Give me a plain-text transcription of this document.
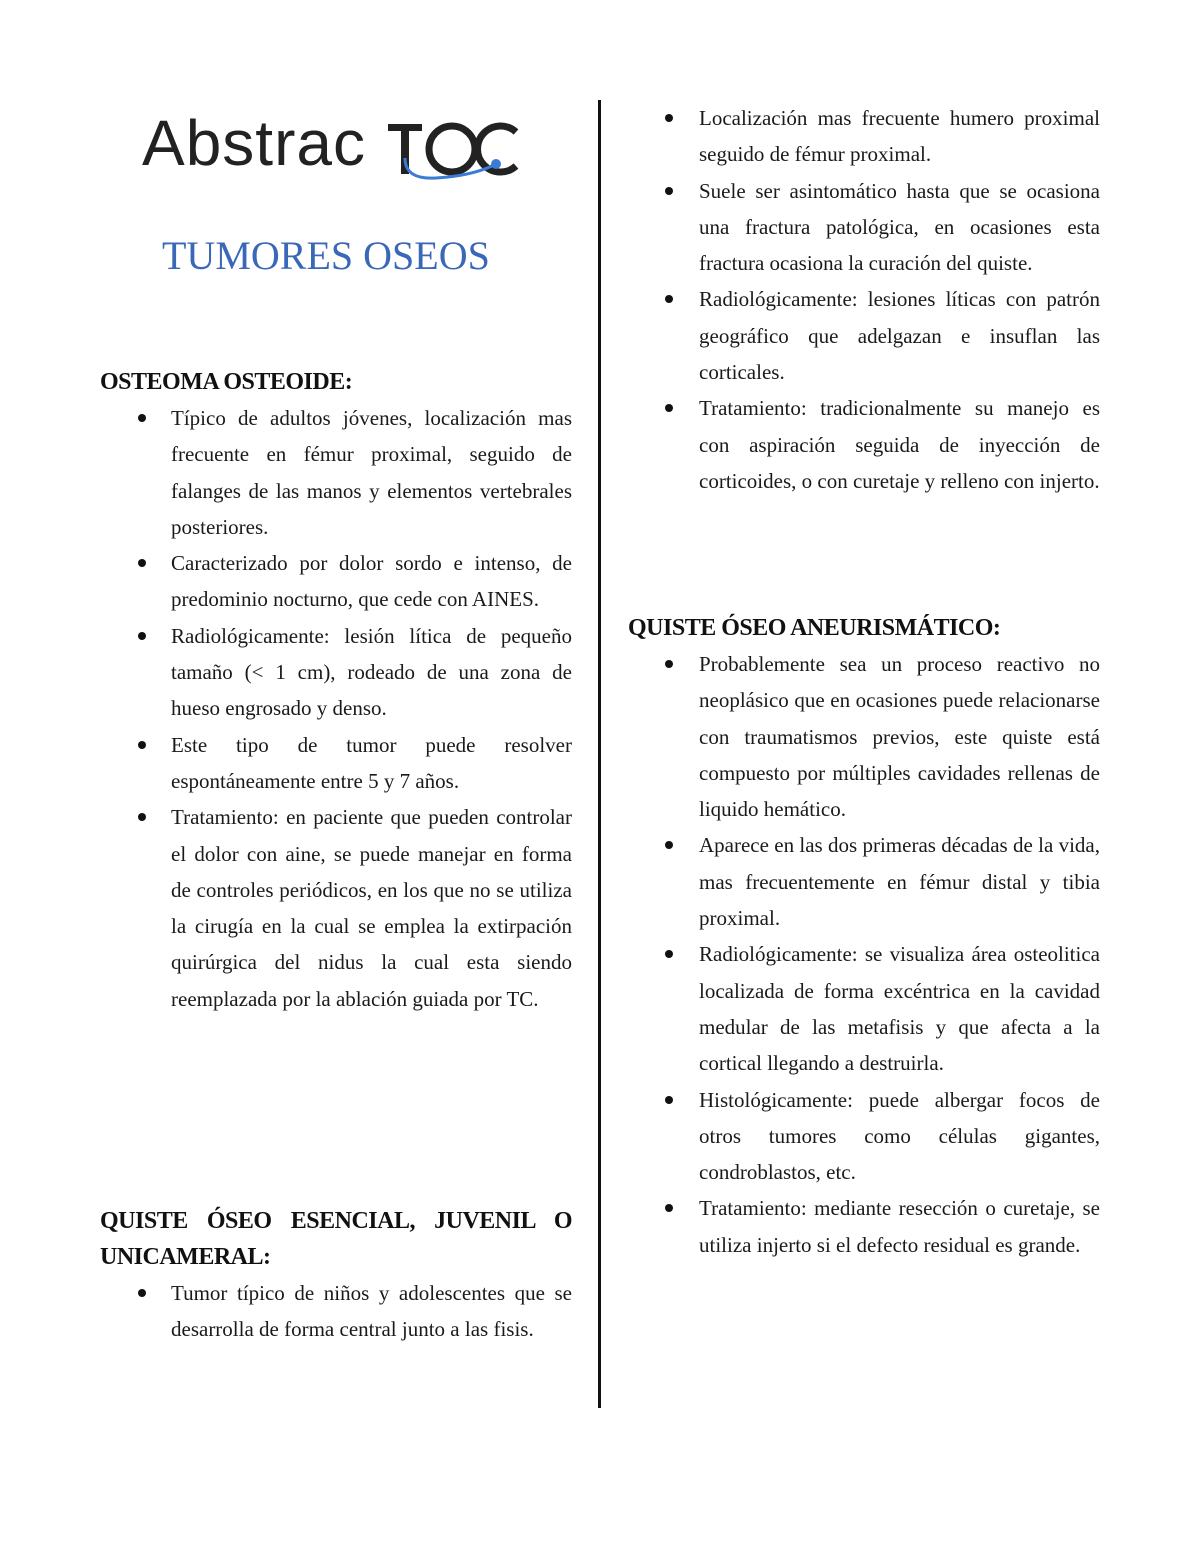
Abstrac
TUMORES OSEOS
OSTEOMA OSTEOIDE:
Típico de adultos jóvenes, localización mas frecuente en fémur proximal, seguido de falanges de las manos y elementos vertebrales posteriores.
Caracterizado por dolor sordo e intenso, de predominio nocturno, que cede con AINES.
Radiológicamente: lesión lítica de pequeño tamaño (< 1 cm), rodeado de una zona de hueso engrosado y denso.
Este tipo de tumor puede resolver espontáneamente entre 5 y 7 años.
Tratamiento: en paciente que pueden controlar el dolor con aine, se puede manejar en forma de controles periódicos, en los que no se utiliza la cirugía en la cual se emplea la extirpación quirúrgica del nidus la cual esta siendo reemplazada por la ablación guiada por TC.
QUISTE ÓSEO ESENCIAL, JUVENIL O UNICAMERAL:
Tumor típico de niños y adolescentes que se desarrolla de forma central junto a las fisis.
Localización mas frecuente humero proximal seguido de fémur proximal.
Suele ser asintomático hasta que se ocasiona una fractura patológica, en ocasiones esta fractura ocasiona la curación del quiste.
Radiológicamente: lesiones líticas con patrón geográfico que adelgazan e insuflan las corticales.
Tratamiento: tradicionalmente su manejo es con aspiración seguida de inyección de corticoides, o con curetaje y relleno con injerto.
QUISTE ÓSEO ANEURISMÁTICO:
Probablemente sea un proceso reactivo no neoplásico que en ocasiones puede relacionarse con traumatismos previos, este quiste está compuesto por múltiples cavidades rellenas de liquido hemático.
Aparece en las dos primeras décadas de la vida, mas frecuentemente en fémur distal y tibia proximal.
Radiológicamente: se visualiza área osteolitica localizada de forma excéntrica en la cavidad medular de las metafisis y que afecta a la cortical llegando a destruirla.
Histológicamente: puede albergar focos de otros tumores como células gigantes, condroblastos, etc.
Tratamiento: mediante resección o curetaje, se utiliza injerto si el defecto residual es grande.
